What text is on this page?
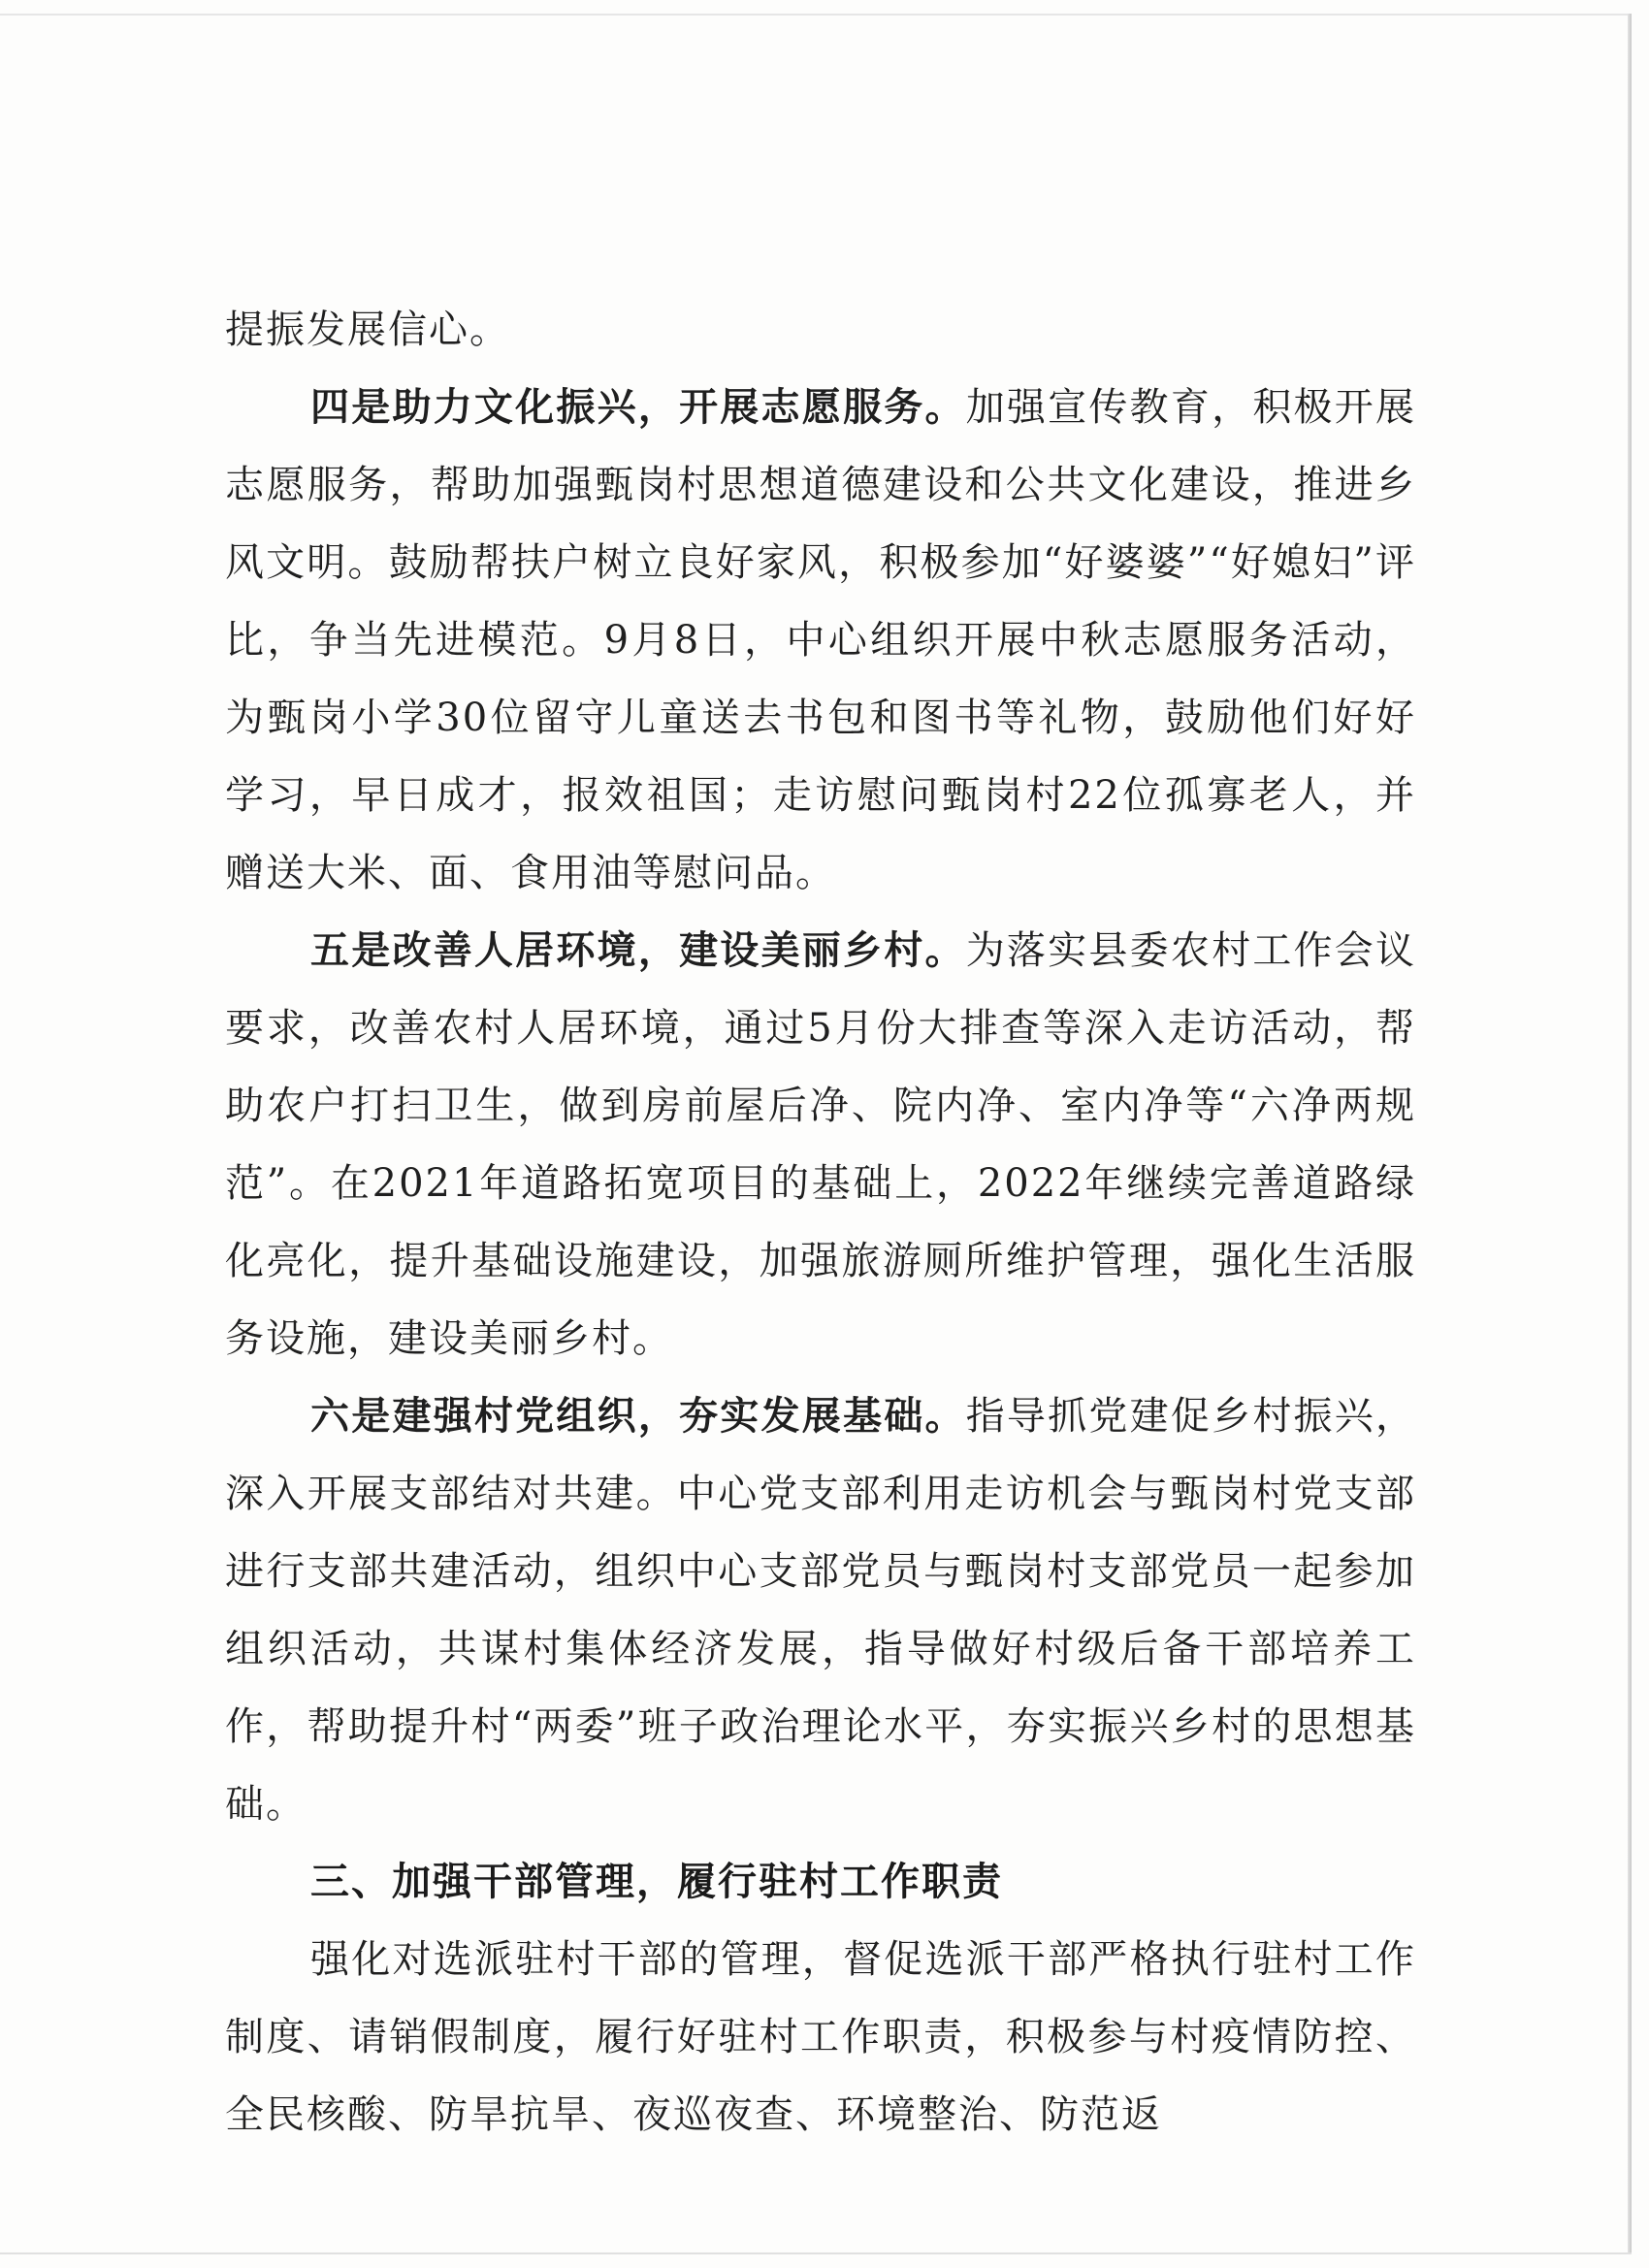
提振发展信心。

四是助力文化振兴，开展志愿服务。加强宣传教育，积极开展志愿服务，帮助加强甄岗村思想道德建设和公共文化建设，推进乡风文明。鼓励帮扶户树立良好家风，积极参加“好婆婆”“好媳妇”评比，争当先进模范。9月8日，中心组织开展中秋志愿服务活动，为甄岗小学30位留守儿童送去书包和图书等礼物，鼓励他们好好学习，早日成才，报效祖国；走访慰问甄岗村22位孤寡老人，并赠送大米、面、食用油等慰问品。

五是改善人居环境，建设美丽乡村。为落实县委农村工作会议要求，改善农村人居环境，通过5月份大排查等深入走访活动，帮助农户打扫卫生，做到房前屋后净、院内净、室内净等“六净两规范”。在2021年道路拓宽项目的基础上，2022年继续完善道路绿化亮化，提升基础设施建设，加强旅游厕所维护管理，强化生活服务设施，建设美丽乡村。

六是建强村党组织，夯实发展基础。指导抓党建促乡村振兴，深入开展支部结对共建。中心党支部利用走访机会与甄岗村党支部进行支部共建活动，组织中心支部党员与甄岗村支部党员一起参加组织活动，共谋村集体经济发展，指导做好村级后备干部培养工作，帮助提升村“两委”班子政治理论水平，夯实振兴乡村的思想基础。

三、加强干部管理，履行驻村工作职责

强化对选派驻村干部的管理，督促选派干部严格执行驻村工作制度、请销假制度，履行好驻村工作职责，积极参与村疫情防控、全民核酸、防旱抗旱、夜巡夜查、环境整治、防范返
